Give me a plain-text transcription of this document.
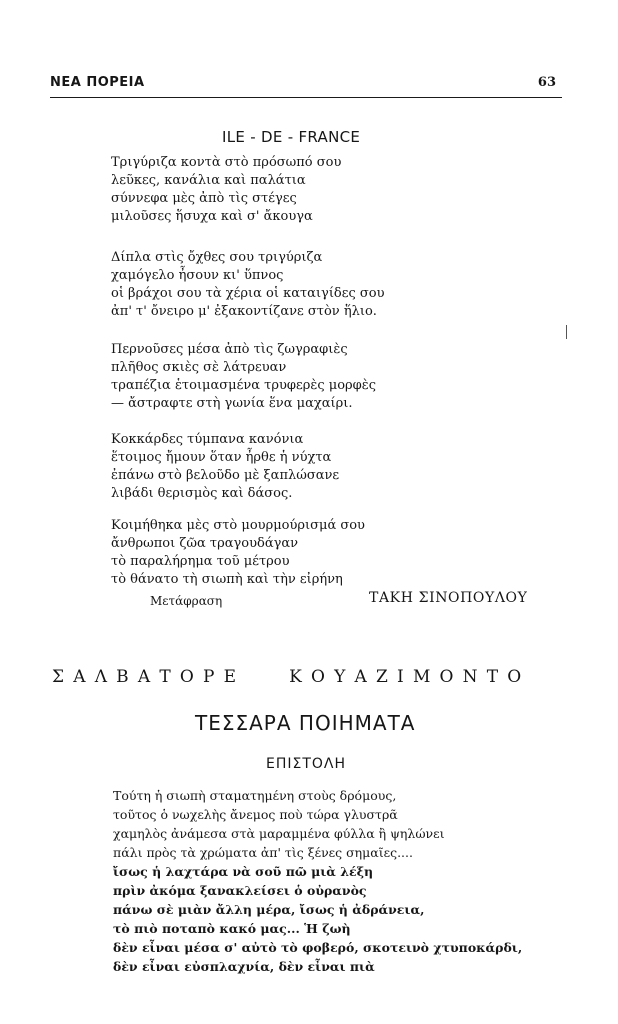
ΝΕΑ ΠΟΡΕΙΑ	63
ILE - DE - FRANCE
Τριγύριζα κοντὰ στὸ πρόσωπό σου
λεῦκες, κανάλια καὶ παλάτια
σύννεφα μὲς ἀπὸ τὶς στέγες
μιλοῦσες ἥσυχα καὶ σ' ἄκουγα
Δίπλα στὶς ὄχθες σου τριγύριζα
χαμόγελο ἦσουν κι' ὕπνος
οἱ βράχοι σου τὰ χέρια οἱ καταιγίδες σου
ἀπ' τ' ὄνειρο μ' ἐξακοντίζανε στὸν ἥλιο.
Περνοῦσες μέσα ἀπὸ τὶς ζωγραφιὲς
πλῆθος σκιὲς σὲ λάτρευαν
τραπέζια ἑτοιμασμένα τρυφερὲς μορφὲς
— ἄστραφτε στὴ γωνία ἕνα μαχαίρι.
Κοκκάρδες τύμπανα κανόνια
ἕτοιμος ἤμουν ὅταν ἦρθε ἡ νύχτα
ἐπάνω στὸ βελοῦδο μὲ ξαπλώσανε
λιβάδι θερισμὸς καὶ δάσος.
Κοιμήθηκα μὲς στὸ μουρμούρισμά σου
ἄνθρωποι ζῶα τραγουδάγαν
τὸ παραλήρημα τοῦ μέτρου
τὸ θάνατο τὴ σιωπὴ καὶ τὴν εἰρήνη
Μετάφραση	ΤΑΚΗ ΣΙΝΟΠΟΥΛΟΥ
ΣΑΛΒΑΤΟΡΕ   ΚΟΥΑΖΙΜΟΝΤΟ
ΤΕΣΣΑΡΑ ΠΟΙΗΜΑΤΑ
ΕΠΙΣΤΟΛΗ
Τούτη ἡ σιωπὴ σταματημένη στοὺς δρόμους,
τοῦτος ὁ νωχελὴς ἄνεμος ποὺ τώρα γλυστρᾶ
χαμηλὸς ἀνάμεσα στὰ μαραμμένα φύλλα ἢ ψηλώνει
πάλι πρὸς τὰ χρώματα ἀπ' τὶς ξένες σημαῖες....
ἴσως ἡ λαχτάρα νὰ σοῦ πῶ μιὰ λέξη
πρὶν ἀκόμα ξανακλείσει ὁ οὐρανὸς
πάνω σὲ μιὰν ἄλλη μέρα, ἴσως ἡ ἀδράνεια,
τὸ πιὸ ποταπὸ κακό μας... Ἡ ζωὴ
δὲν εἶναι μέσα σ' αὐτὸ τὸ φοβερό, σκοτεινὸ χτυποκάρδι,
δὲν εἶναι εὐσπλαχνία, δὲν εἶναι πιὰ
